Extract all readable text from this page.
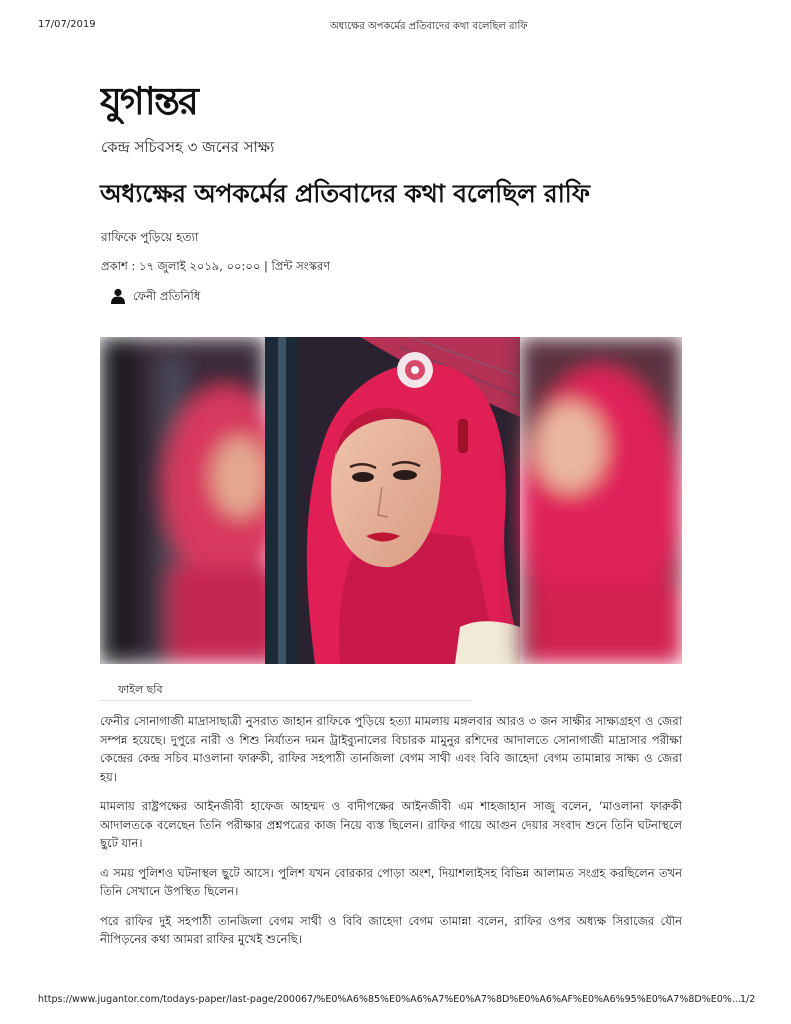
17/07/2019	অধ্যক্ষের অপকর্মের প্রতিবাদের কথা বলেছিল রাফি
যুগান্তর
কেন্দ্র সচিবসহ ৩ জনের সাক্ষ্য
অধ্যক্ষের অপকর্মের প্রতিবাদের কথা বলেছিল রাফি
রাফিকে পুড়িয়ে হত্যা
প্রকাশ : ১৭ জুলাই ২০১৯, ০০:০০ | প্রিন্ট সংস্করণ
ফেনী প্রতিনিধি
ফাইল ছবি

ফেনীর সোনাগাজী মাদ্রাসাছাত্রী নুসরাত জাহান রাফিকে পুড়িয়ে হত্যা মামলায় মঙ্গলবার আরও ৩ জন সাক্ষীর সাক্ষ্যগ্রহণ ও জেরা সম্পন্ন হয়েছে। দুপুরে নারী ও শিশু নির্যাতন দমন ট্রাইব্যুনালের বিচারক মামুনুর রশিদের আদালতে সোনাগাজী মাদ্রাসার পরীক্ষা কেন্দ্রের কেন্দ্র সচিব মাওলানা ফারুকী, রাফির সহপাঠী তানজিলা বেগম সাথী এবং বিবি জাহেদা বেগম তামান্নার সাক্ষ্য ও জেরা হয়।

মামলায় রাষ্ট্রপক্ষের আইনজীবী হাফেজ আহম্মদ ও বাদীপক্ষের আইনজীবী এম শাহজাহান সাজু বলেন, ‘মাওলানা ফারুকী আদালতকে বলেছেন তিনি পরীক্ষার প্রশ্নপত্রের কাজ নিয়ে ব্যস্ত ছিলেন। রাফির গায়ে আগুন দেয়ার সংবাদ শুনে তিনি ঘটনাস্থলে ছুটে যান।

এ সময় পুলিশও ঘটনাস্থল ছুটে আসে। পুলিশ যখন বোরকার পোড়া অংশ, দিয়াশলাইসহ বিভিন্ন আলামত সংগ্রহ করছিলেন তখন তিনি সেখানে উপস্থিত ছিলেন।

পরে রাফির দুই সহপাঠী তানজিলা বেগম সাথী ও বিবি জাহেদা বেগম তামান্না বলেন, রাফির ওপর অধ্যক্ষ সিরাজের যৌন নীপিড়নের কথা আমরা রাফির মুখেই শুনেছি।

https://www.jugantor.com/todays-paper/last-page/200067/%E0%A6%85%E0%A6%A7%E0%A7%8D%E0%A6%AF%E0%A6%95%E0%A7%8D%E0%... 1/2
